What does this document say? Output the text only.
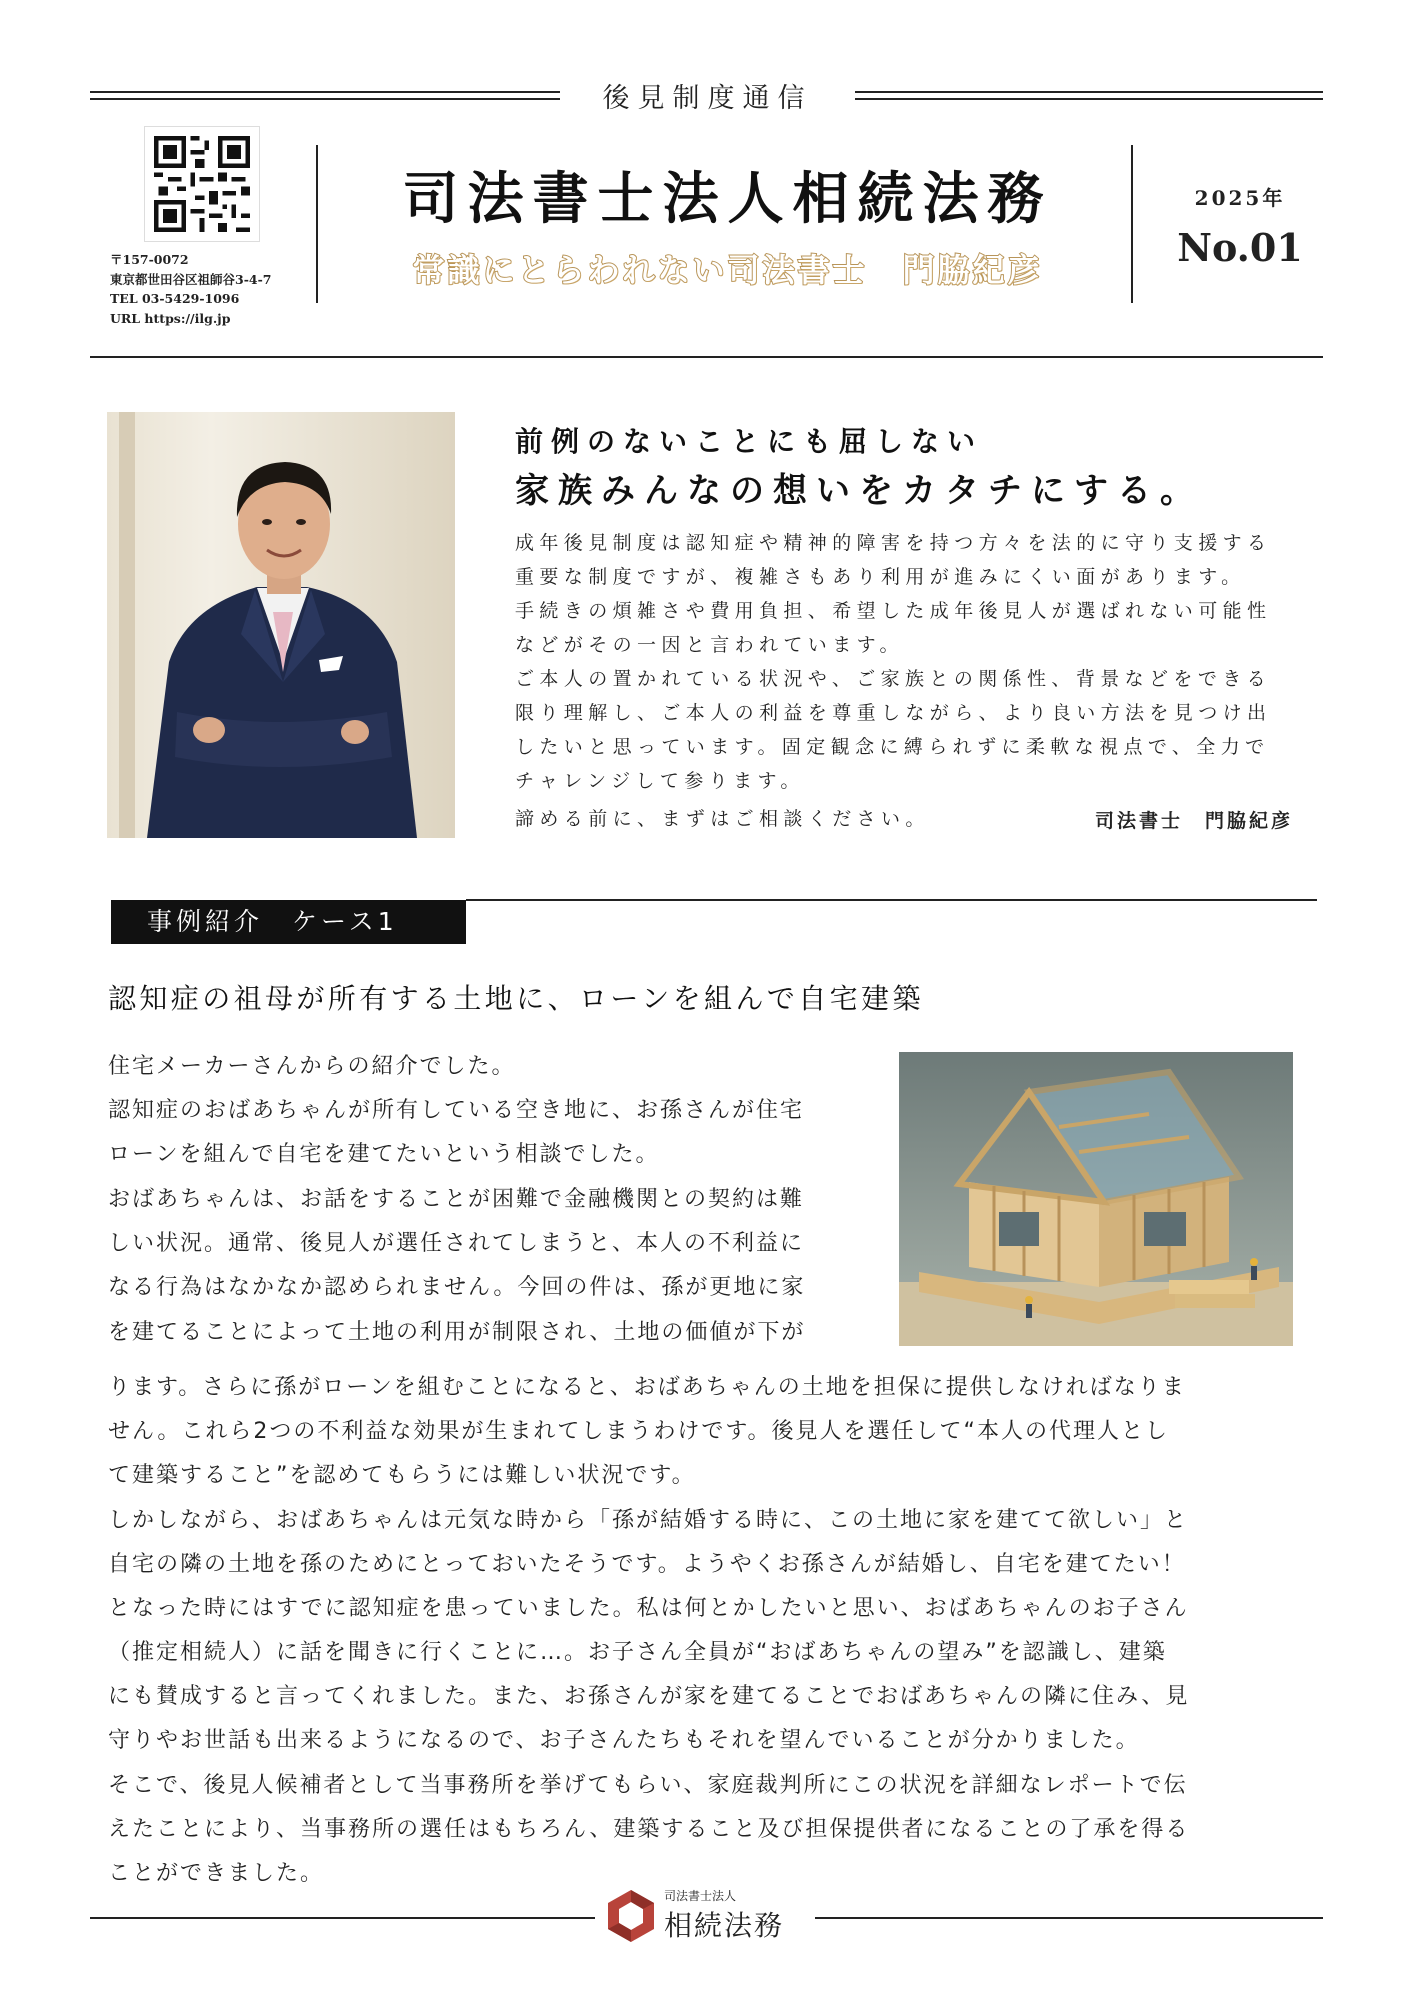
後見制度通信
〒157-0072
東京都世田谷区祖師谷3-4-7
TEL 03-5429-1096
URL https://ilg.jp
司法書士法人相続法務
常識にとらわれない司法書士　門脇紀彦
2025年
No.01
前例のないことにも屈しない
家族みんなの想いをカタチにする。

成年後見制度は認知症や精神的障害を持つ方々を法的に守り支援する

重要な制度ですが、複雑さもあり利用が進みにくい面があります。

手続きの煩雑さや費用負担、希望した成年後見人が選ばれない可能性

などがその一因と言われています。

ご本人の置かれている状況や、ご家族との関係性、背景などをできる

限り理解し、ご本人の利益を尊重しながら、より良い方法を見つけ出

したいと思っています。固定観念に縛られずに柔軟な視点で、全力で

チャレンジして参ります。

諦める前に、まずはご相談ください。	司法書士　門脇紀彦
事例紹介　ケース1
認知症の祖母が所有する土地に、ローンを組んで自宅建築

住宅メーカーさんからの紹介でした。

認知症のおばあちゃんが所有している空き地に、お孫さんが住宅

ローンを組んで自宅を建てたいという相談でした。

おばあちゃんは、お話をすることが困難で金融機関との契約は難

しい状況。通常、後見人が選任されてしまうと、本人の不利益に

なる行為はなかなか認められません。今回の件は、孫が更地に家

を建てることによって土地の利用が制限され、土地の価値が下が

ります。さらに孫がローンを組むことになると、おばあちゃんの土地を担保に提供しなければなりま

せん。これら2つの不利益な効果が生まれてしまうわけです。後見人を選任して“本人の代理人とし

て建築すること”を認めてもらうには難しい状況です。

しかしながら、おばあちゃんは元気な時から「孫が結婚する時に、この土地に家を建てて欲しい」と

自宅の隣の土地を孫のためにとっておいたそうです。ようやくお孫さんが結婚し、自宅を建てたい！

となった時にはすでに認知症を患っていました。私は何とかしたいと思い、おばあちゃんのお子さん

（推定相続人）に話を聞きに行くことに…。お子さん全員が“おばあちゃんの望み”を認識し、建築

にも賛成すると言ってくれました。また、お孫さんが家を建てることでおばあちゃんの隣に住み、見

守りやお世話も出来るようになるので、お子さんたちもそれを望んでいることが分かりました。

そこで、後見人候補者として当事務所を挙げてもらい、家庭裁判所にこの状況を詳細なレポートで伝

えたことにより、当事務所の選任はもちろん、建築すること及び担保提供者になることの了承を得る

ことができました。

司法書士法人
相続法務
